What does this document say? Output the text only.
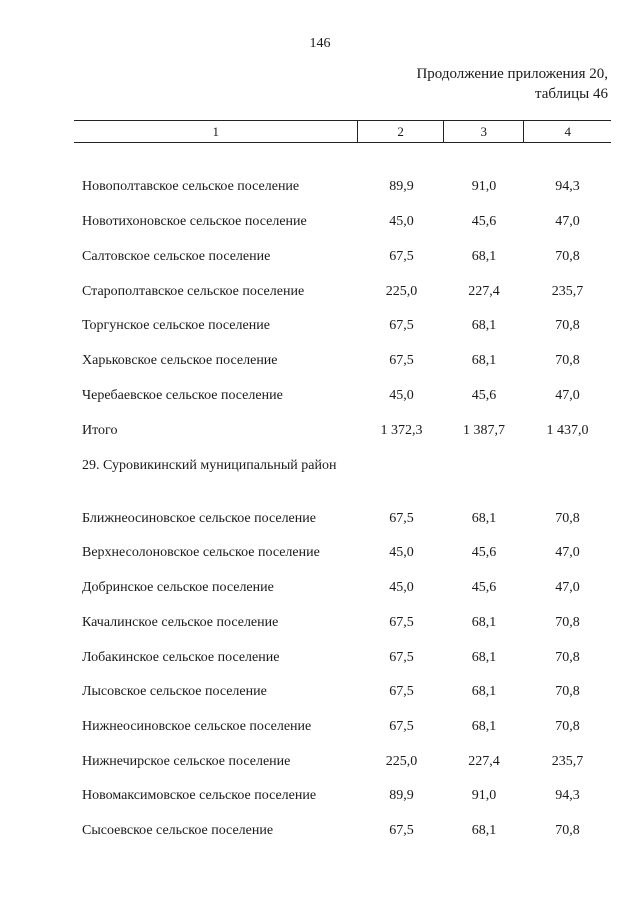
146
Продолжение приложения 20,
таблицы 46
1	2	3	4
Новополтавское сельское поселение	89,9	91,0	94,3
Новотихоновское сельское поселение	45,0	45,6	47,0
Салтовское сельское поселение	67,5	68,1	70,8
Старополтавское сельское поселение	225,0	227,4	235,7
Торгунское сельское поселение	67,5	68,1	70,8
Харьковское сельское поселение	67,5	68,1	70,8
Черебаевское сельское поселение	45,0	45,6	47,0
Итого	1 372,3	1 387,7	1 437,0
29. Суровикинский муниципальный район
Ближнеосиновское сельское поселение	67,5	68,1	70,8
Верхнесолоновское сельское поселение	45,0	45,6	47,0
Добринское сельское поселение	45,0	45,6	47,0
Качалинское сельское поселение	67,5	68,1	70,8
Лобакинское сельское поселение	67,5	68,1	70,8
Лысовское сельское поселение	67,5	68,1	70,8
Нижнеосиновское сельское поселение	67,5	68,1	70,8
Нижнечирское сельское поселение	225,0	227,4	235,7
Новомаксимовское сельское поселение	89,9	91,0	94,3
Сысоевское сельское поселение	67,5	68,1	70,8
